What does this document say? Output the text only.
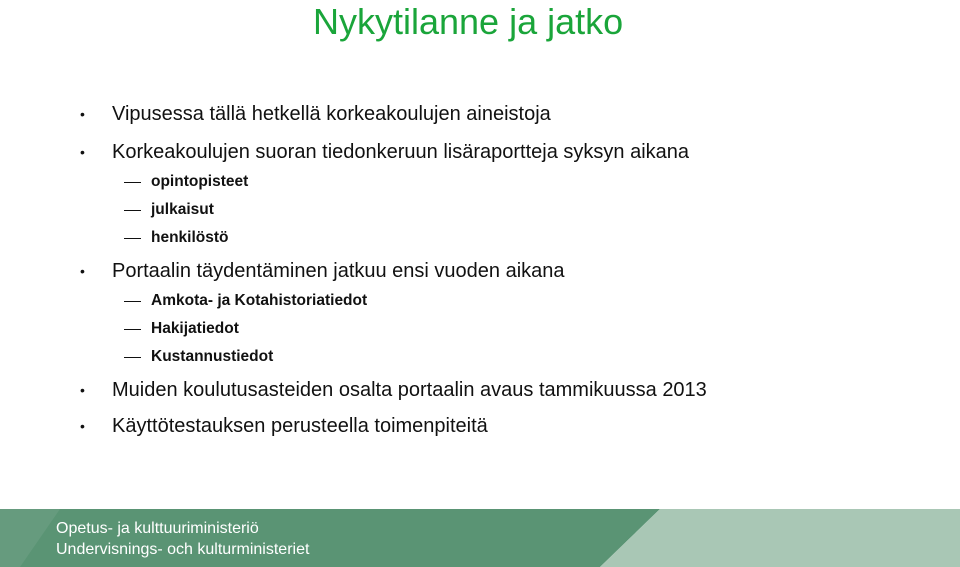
Nykytilanne ja jatko
•	Vipusessa tällä hetkellä korkeakoulujen aineistoja
•	Korkeakoulujen suoran tiedonkeruun lisäraportteja syksyn aikana
opintopisteet
julkaisut
henkilöstö
•	Portaalin täydentäminen jatkuu ensi vuoden aikana
Amkota- ja Kotahistoriatiedot
Hakijatiedot
Kustannustiedot
•	Muiden koulutusasteiden osalta portaalin avaus tammikuussa 2013
•	Käyttötestauksen perusteella toimenpiteitä
Opetus- ja kulttuuriministeriö
Undervisnings- och kulturministeriet
